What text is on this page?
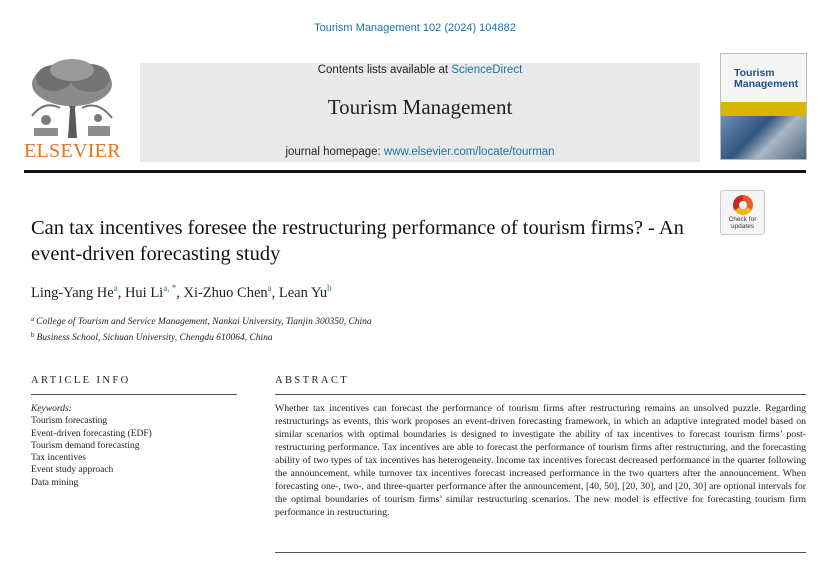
Tourism Management 102 (2024) 104882
ELSEVIER
Contents lists available at ScienceDirect
Tourism Management
journal homepage: www.elsevier.com/locate/tourman
Tourism Management
Check for updates
Can tax incentives foresee the restructuring performance of tourism firms? - An event-driven forecasting study
Ling-Yang He$^a$, Hui $Li^{a, *}$, Xi-Zhuo Chen$^a$, Lean Yu$^b$
$^a$ College of Tourism and Service Management, Nankai University, Tianjin 300350, China
$^b$ Business School, Sichuan University, Chengdu 610064, China
ARTICLE INFO	ABSTRACT
Keywords:
Tourism forecasting
Event-driven forecasting (EDF)
Tourism demand forecasting
Tax incentives
Event study approach
Data mining
Whether tax incentives can forecast the performance of tourism firms after restructuring remains an unsolved puzzle. Regarding restructurings as events, this work proposes an event-driven forecasting framework, in which an adaptive integrated model based on similar scenarios with optimal boundaries is designed to investigate the ability of tax incentives to forecast tourism firms’ post-restructuring performance. Tax incentives are able to forecast the performance of tourism firms after restructuring, and the forecasting ability of two types of tax incentives has heterogeneity. Income tax incentives forecast decreased performance in the quarter following the announcement, while turnover tax incentives forecast increased performance in the two quarters after the announcement. When forecasting one-, two-, and three-quarter performance after the announcement, [40, 50], [20, 30], and [20, 30] are optional intervals for the optimal boundaries of tourism firms’ similar restructuring scenarios. The new model is effective for forecasting tourism firm performance in restructuring.
